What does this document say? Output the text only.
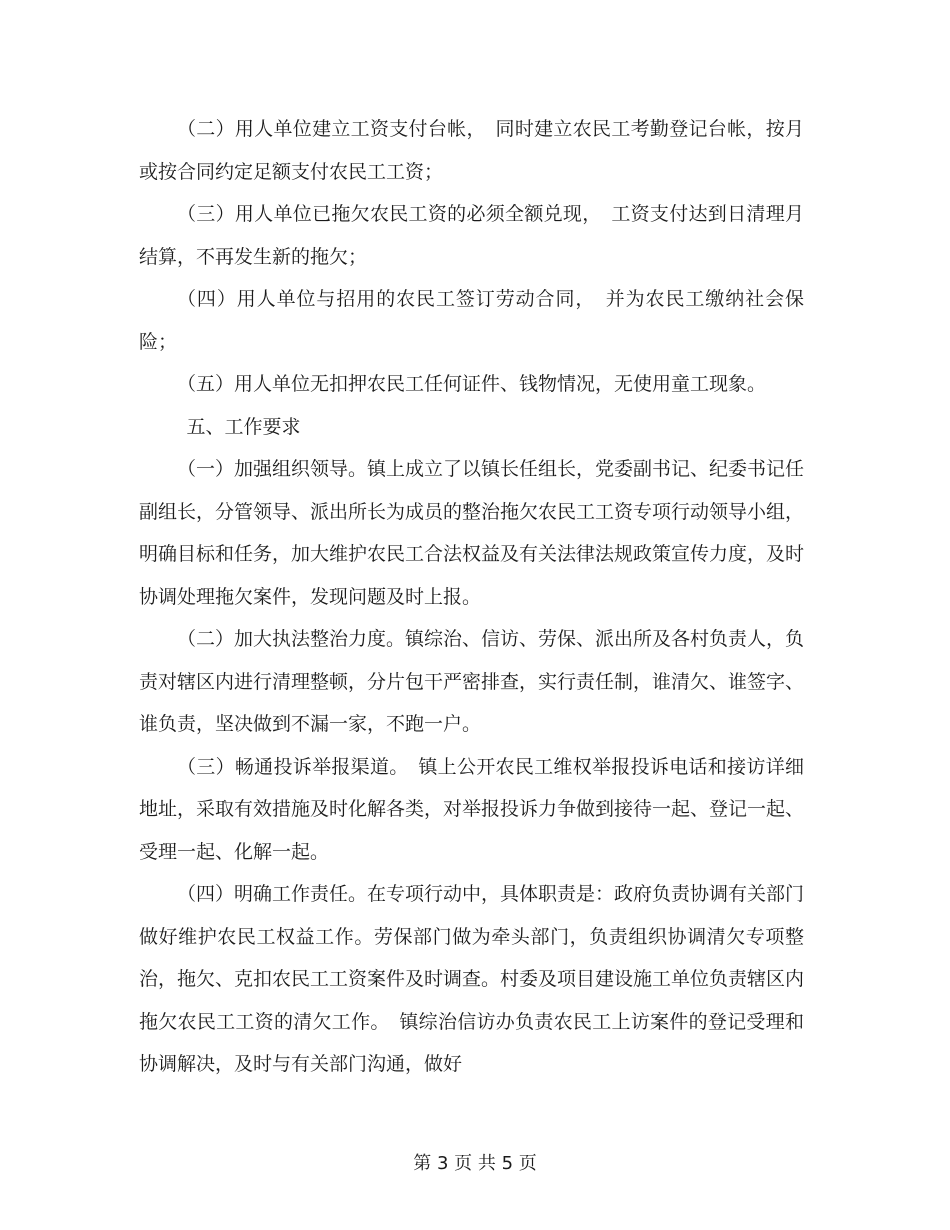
（二）用人单位建立工资支付台帐，　同时建立农民工考勤登记台帐，按月或按合同约定足额支付农民工工资；

（三）用人单位已拖欠农民工资的必须全额兑现，　工资支付达到日清理月结算，不再发生新的拖欠；

（四）用人单位与招用的农民工签订劳动合同，　并为农民工缴纳社会保险；

（五）用人单位无扣押农民工任何证件、钱物情况，无使用童工现象。

五、工作要求

（一）加强组织领导。镇上成立了以镇长任组长，党委副书记、纪委书记任副组长，分管领导、派出所长为成员的整治拖欠农民工工资专项行动领导小组，明确目标和任务，加大维护农民工合法权益及有关法律法规政策宣传力度，及时协调处理拖欠案件，发现问题及时上报。

（二）加大执法整治力度。镇综治、信访、劳保、派出所及各村负责人，负责对辖区内进行清理整顿，分片包干严密排查，实行责任制，谁清欠、谁签字、谁负责，坚决做到不漏一家，不跑一户。

（三）畅通投诉举报渠道。　镇上公开农民工维权举报投诉电话和接访详细地址，采取有效措施及时化解各类，对举报投诉力争做到接待一起、登记一起、受理一起、化解一起。

（四）明确工作责任。在专项行动中，具体职责是：政府负责协调有关部门做好维护农民工权益工作。劳保部门做为牵头部门，负责组织协调清欠专项整治，拖欠、克扣农民工工资案件及时调查。村委及项目建设施工单位负责辖区内拖欠农民工工资的清欠工作。　镇综治信访办负责农民工上访案件的登记受理和协调解决，及时与有关部门沟通，做好

第 3 页 共 5 页
